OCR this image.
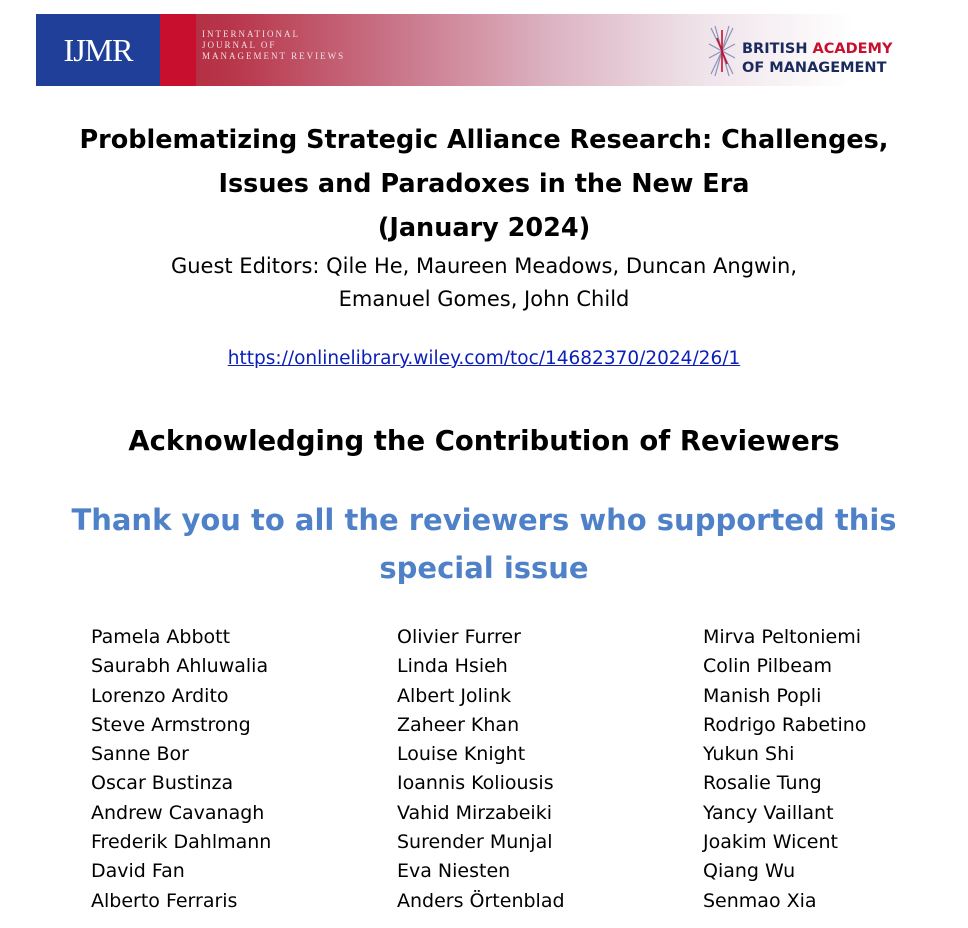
IJMR	INTERNATIONAL
JOURNAL OF
MANAGEMENT REVIEWS	BRITISH ACADEMY
OF MANAGEMENT
Problematizing Strategic Alliance Research: Challenges,
Issues and Paradoxes in the New Era
(January 2024)
Guest Editors: Qile He, Maureen Meadows, Duncan Angwin,
Emanuel Gomes, John Child
https://onlinelibrary.wiley.com/toc/14682370/2024/26/1
Acknowledging the Contribution of Reviewers
Thank you to all the reviewers who supported this
special issue
Pamela Abbott
Saurabh Ahluwalia
Lorenzo Ardito
Steve Armstrong
Sanne Bor
Oscar Bustinza
Andrew Cavanagh
Frederik Dahlmann
David Fan
Alberto Ferraris
Olivier Furrer
Linda Hsieh
Albert Jolink
Zaheer Khan
Louise Knight
Ioannis Koliousis
Vahid Mirzabeiki
Surender Munjal
Eva Niesten
Anders Örtenblad
Mirva Peltoniemi
Colin Pilbeam
Manish Popli
Rodrigo Rabetino
Yukun Shi
Rosalie Tung
Yancy Vaillant
Joakim Wicent
Qiang Wu
Senmao Xia
